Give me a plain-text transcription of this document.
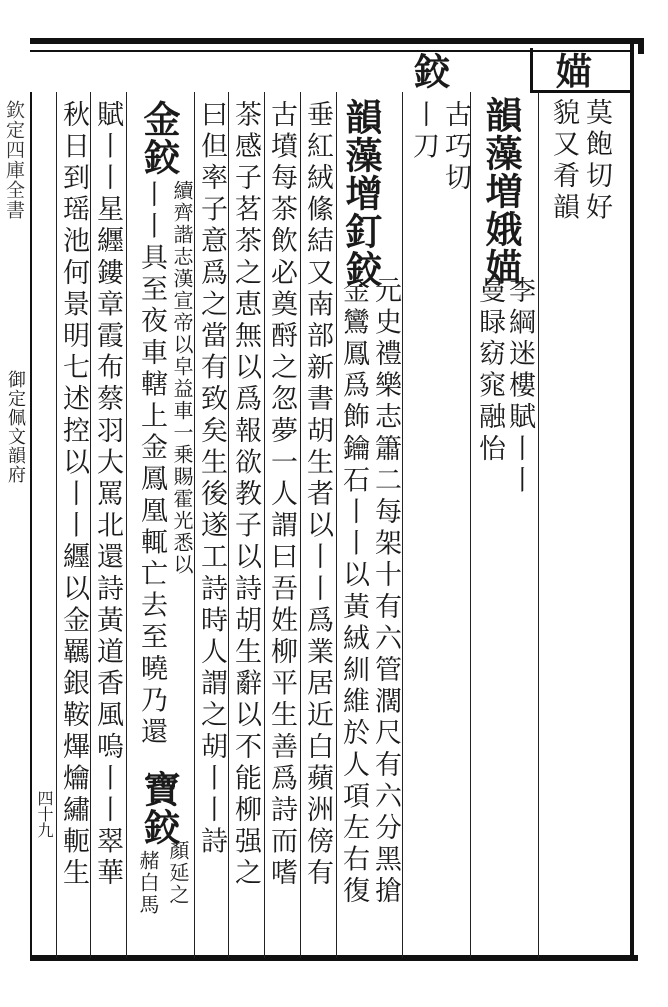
欽定四庫全書
御定佩文韻府
四十九
媌
莫飽切好
貌又肴韻
韻藻増娥媌
李綱迷樓賦丨丨
曼睩窈窕融怡
鉸
古巧切
丨刀
韻藻增釘鉸
元史禮樂志簫二每架十有六管濶尺有六分黑搶
金鸞鳳爲飾鑰石丨丨以黃絨紃維於人項左右復
垂紅絨絛結又南部新書胡生者以丨丨爲業居近白蘋洲傍有
古墳每茶飲必奠酹之忽夢一人謂曰吾姓柳平生善爲詩而嗜
茶感子茗茶之恵無以爲報欲教子以詩胡生辭以不能柳强之
曰但率子意爲之當有致矣生後遂工詩時人謂之胡丨丨詩
金鉸
續齊諧志漢宣帝以皁益車一乗賜霍光悉以
丨丨具至夜車轄上金鳳凰輒亡去至曉乃還
寶鉸
顏延之
赭白馬
賦丨丨星纒鏤章霞布蔡羽大罵北還詩黃道香風嗚丨丨翠華
秋日到瑶池何景明七述控以丨丨纒以金羈銀鞍熚爚繡軛生
